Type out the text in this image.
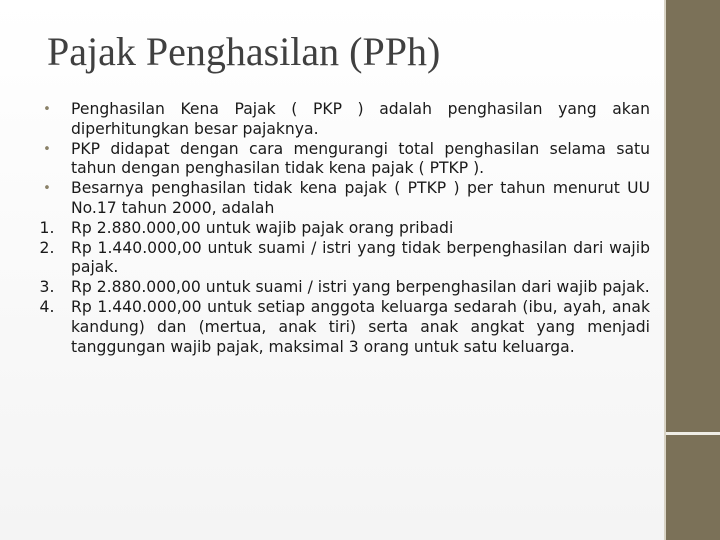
Pajak Penghasilan (PPh)
•	Penghasilan Kena Pajak ( PKP ) adalah penghasilan yang akan diperhitungkan besar pajaknya.
•	PKP didapat dengan cara mengurangi total penghasilan selama satu tahun dengan penghasilan tidak kena pajak ( PTKP ).
•	Besarnya penghasilan tidak kena pajak ( PTKP ) per tahun menurut UU No.17 tahun 2000, adalah
1.	Rp 2.880.000,00 untuk wajib pajak orang pribadi
2.	Rp 1.440.000,00 untuk suami / istri yang tidak berpenghasilan dari wajib pajak.
3.	Rp 2.880.000,00 untuk suami / istri yang berpenghasilan dari wajib pajak.
4.	Rp 1.440.000,00 untuk setiap anggota keluarga sedarah (ibu, ayah, anak kandung) dan (mertua, anak tiri) serta anak angkat yang menjadi tanggungan wajib pajak, maksimal 3 orang untuk satu keluarga.
